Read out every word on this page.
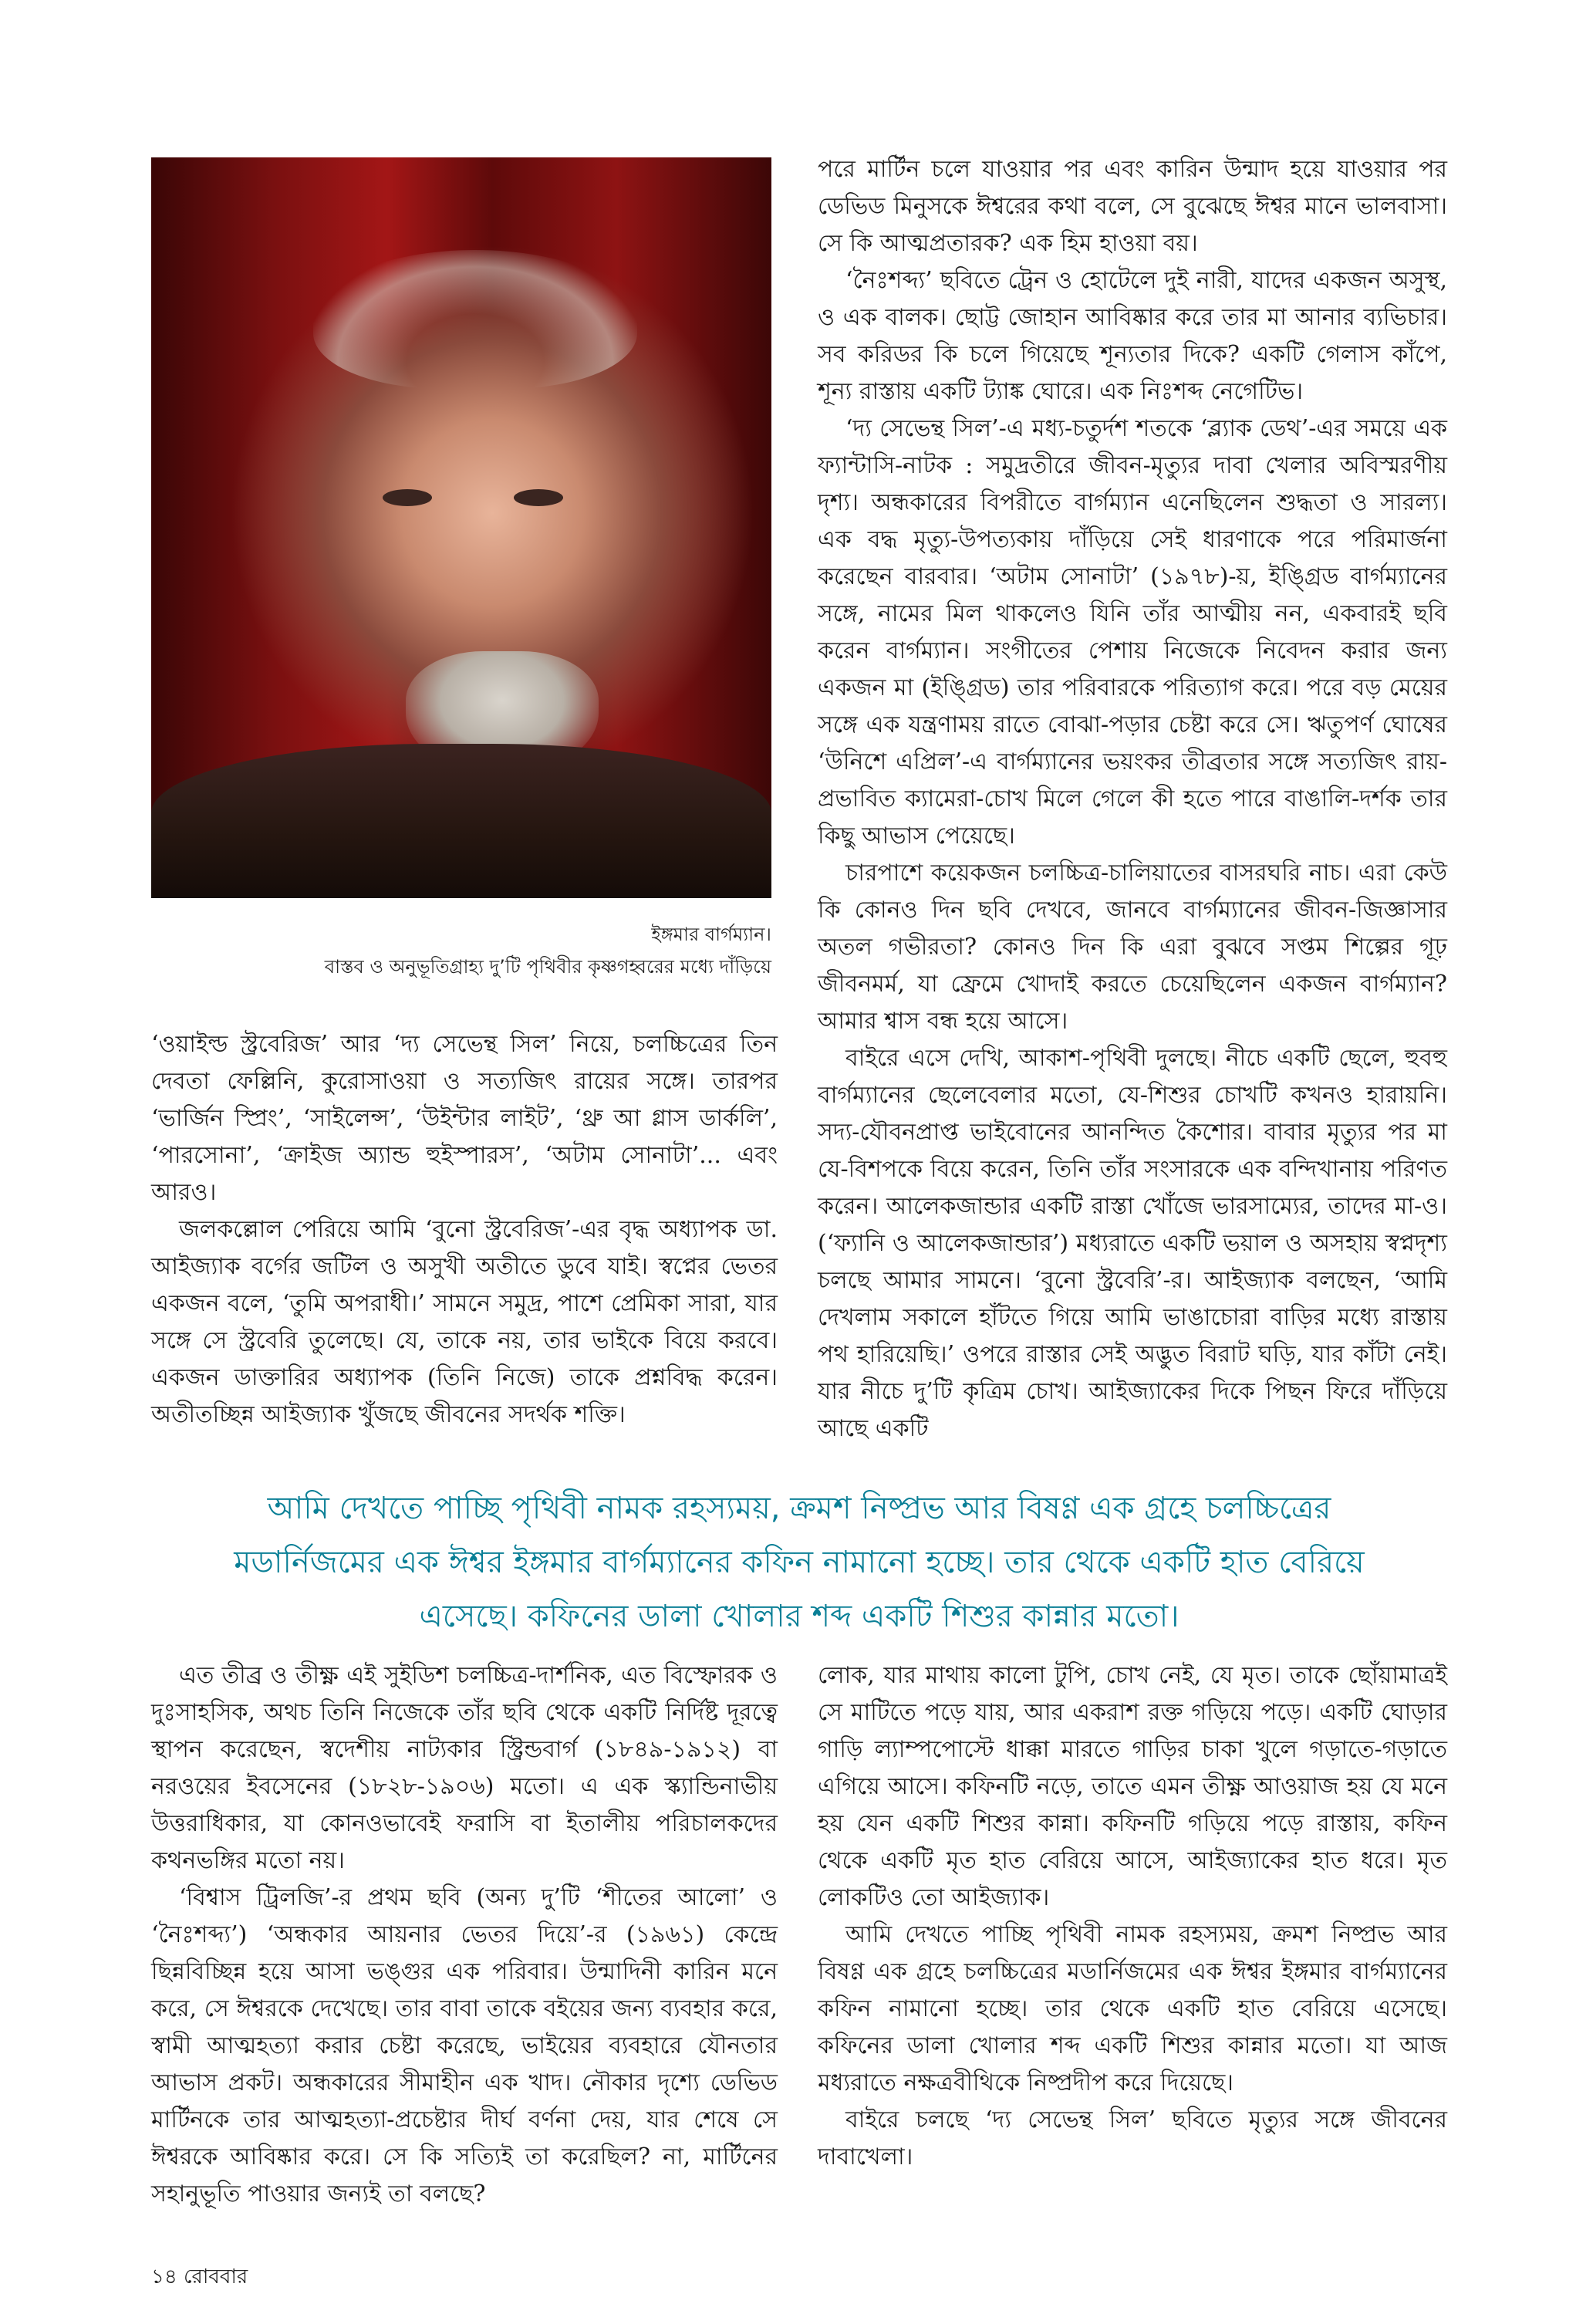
ইঙ্গমার বার্গম্যান।
বাস্তব ও অনুভূতিগ্রাহ্য দু’টি পৃথিবীর কৃষ্ণগহ্বরের মধ্যে দাঁড়িয়ে

‘ওয়াইল্ড স্ট্রবেরিজ’ আর ‘দ্য সেভেন্থ সিল’ নিয়ে, চলচ্চিত্রের তিন দেবতা ফেল্লিনি, কুরোসাওয়া ও সত্যজিৎ রায়ের সঙ্গে। তারপর ‘ভার্জিন স্প্রিং’, ‘সাইলেন্স’, ‘উইন্টার লাইট’, ‘থ্রু আ গ্লাস ডার্কলি’, ‘পারসোনা’, ‘ক্রাইজ অ্যান্ড হুইস্পারস’, ‘অটাম সোনাটা’... এবং আরও।

জলকল্লোল পেরিয়ে আমি ‘বুনো স্ট্রবেরিজ’-এর বৃদ্ধ অধ্যাপক ডা. আইজ্যাক বর্গের জটিল ও অসুখী অতীতে ডুবে যাই। স্বপ্নের ভেতর একজন বলে, ‘তুমি অপরাধী।’ সামনে সমুদ্র, পাশে প্রেমিকা সারা, যার সঙ্গে সে স্ট্রবেরি তুলেছে। যে, তাকে নয়, তার ভাইকে বিয়ে করবে। একজন ডাক্তারির অধ্যাপক (তিনি নিজে) তাকে প্রশ্নবিদ্ধ করেন। অতীতচ্ছিন্ন আইজ্যাক খুঁজছে জীবনের সদর্থক শক্তি।

পরে মার্টিন চলে যাওয়ার পর এবং কারিন উন্মাদ হয়ে যাওয়ার পর ডেভিড মিনুসকে ঈশ্বরের কথা বলে, সে বুঝেছে ঈশ্বর মানে ভালবাসা। সে কি আত্মপ্রতারক? এক হিম হাওয়া বয়।

‘নৈঃশব্দ্য’ ছবিতে ট্রেন ও হোটেলে দুই নারী, যাদের একজন অসুস্থ, ও এক বালক। ছোট্ট জোহান আবিষ্কার করে তার মা আনার ব্যভিচার। সব করিডর কি চলে গিয়েছে শূন্যতার দিকে? একটি গেলাস কাঁপে, শূন্য রাস্তায় একটি ট্যাঙ্ক ঘোরে। এক নিঃশব্দ নেগেটিভ।

‘দ্য সেভেন্থ সিল’-এ মধ্য-চতুর্দশ শতকে ‘ব্ল্যাক ডেথ’-এর সময়ে এক ফ্যান্টাসি-নাটক : সমুদ্রতীরে জীবন-মৃত্যুর দাবা খেলার অবিস্মরণীয় দৃশ্য। অন্ধকারের বিপরীতে বার্গম্যান এনেছিলেন শুদ্ধতা ও সারল্য। এক বদ্ধ মৃত্যু-উপত্যকায় দাঁড়িয়ে সেই ধারণাকে পরে পরিমার্জনা করেছেন বারবার। ‘অটাম সোনাটা’ (১৯৭৮)-য়, ইঙ্গ্রিড বার্গম্যানের সঙ্গে, নামের মিল থাকলেও যিনি তাঁর আত্মীয় নন, একবারই ছবি করেন বার্গম্যান। সংগীতের পেশায় নিজেকে নিবেদন করার জন্য একজন মা (ইঙ্গ্রিড) তার পরিবারকে পরিত্যাগ করে। পরে বড় মেয়ের সঙ্গে এক যন্ত্রণাময় রাতে বোঝা-পড়ার চেষ্টা করে সে। ঋতুপর্ণ ঘোষের ‘উনিশে এপ্রিল’-এ বার্গম্যানের ভয়ংকর তীব্রতার সঙ্গে সত্যজিৎ রায়-প্রভাবিত ক্যামেরা-চোখ মিলে গেলে কী হতে পারে বাঙালি-দর্শক তার কিছু আভাস পেয়েছে।

চারপাশে কয়েকজন চলচ্চিত্র-চালিয়াতের বাসরঘরি নাচ। এরা কেউ কি কোনও দিন ছবি দেখবে, জানবে বার্গম্যানের জীবন-জিজ্ঞাসার অতল গভীরতা? কোনও দিন কি এরা বুঝবে সপ্তম শিল্পের গূঢ় জীবনমর্ম, যা ফ্রেমে খোদাই করতে চেয়েছিলেন একজন বার্গম্যান? আমার শ্বাস বন্ধ হয়ে আসে।

বাইরে এসে দেখি, আকাশ-পৃথিবী দুলছে। নীচে একটি ছেলে, হুবহু বার্গম্যানের ছেলেবেলার মতো, যে-শিশুর চোখটি কখনও হারায়নি। সদ্য-যৌবনপ্রাপ্ত ভাইবোনের আনন্দিত কৈশোর। বাবার মৃত্যুর পর মা যে-বিশপকে বিয়ে করেন, তিনি তাঁর সংসারকে এক বন্দিখানায় পরিণত করেন। আলেকজান্ডার একটি রাস্তা খোঁজে ভারসাম্যের, তাদের মা-ও। (‘ফ্যানি ও আলেকজান্ডার’) মধ্যরাতে একটি ভয়াল ও অসহায় স্বপ্নদৃশ্য চলছে আমার সামনে। ‘বুনো স্ট্রবেরি’-র। আইজ্যাক বলছেন, ‘আমি দেখলাম সকালে হাঁটতে গিয়ে আমি ভাঙাচোরা বাড়ির মধ্যে রাস্তায় পথ হারিয়েছি।’ ওপরে রাস্তার সেই অদ্ভুত বিরাট ঘড়ি, যার কাঁটা নেই। যার নীচে দু’টি কৃত্রিম চোখ। আইজ্যাকের দিকে পিছন ফিরে দাঁড়িয়ে আছে একটি

আমি দেখতে পাচ্ছি পৃথিবী নামক রহস্যময়, ক্রমশ নিষ্প্রভ আর বিষণ্ণ এক গ্রহে চলচ্চিত্রের
মডার্নিজমের এক ঈশ্বর ইঙ্গমার বার্গম্যানের কফিন নামানো হচ্ছে। তার থেকে একটি হাত বেরিয়ে
এসেছে। কফিনের ডালা খোলার শব্দ একটি শিশুর কান্নার মতো।

এত তীব্র ও তীক্ষ্ণ এই সুইডিশ চলচ্চিত্র-দার্শনিক, এত বিস্ফোরক ও দুঃসাহসিক, অথচ তিনি নিজেকে তাঁর ছবি থেকে একটি নির্দিষ্ট দূরত্বে স্থাপন করেছেন, স্বদেশীয় নাট্যকার স্ট্রিন্ডবার্গ (১৮৪৯-১৯১২) বা নরওয়ের ইবসেনের (১৮২৮-১৯০৬) মতো। এ এক স্ক্যান্ডিনাভীয় উত্তরাধিকার, যা কোনওভাবেই ফরাসি বা ইতালীয় পরিচালকদের কথনভঙ্গির মতো নয়।

‘বিশ্বাস ট্রিলজি’-র প্রথম ছবি (অন্য দু’টি ‘শীতের আলো’ ও ‘নৈঃশব্দ্য’) ‘অন্ধকার আয়নার ভেতর দিয়ে’-র (১৯৬১) কেন্দ্রে ছিন্নবিচ্ছিন্ন হয়ে আসা ভঙ্গুর এক পরিবার। উন্মাদিনী কারিন মনে করে, সে ঈশ্বরকে দেখেছে। তার বাবা তাকে বইয়ের জন্য ব্যবহার করে, স্বামী আত্মহত্যা করার চেষ্টা করেছে, ভাইয়ের ব্যবহারে যৌনতার আভাস প্রকট। অন্ধকারের সীমাহীন এক খাদ। নৌকার দৃশ্যে ডেভিড মার্টিনকে তার আত্মহত্যা-প্রচেষ্টার দীর্ঘ বর্ণনা দেয়, যার শেষে সে ঈশ্বরকে আবিষ্কার করে। সে কি সত্যিই তা করেছিল? না, মার্টিনের সহানুভূতি পাওয়ার জন্যই তা বলছে?

লোক, যার মাথায় কালো টুপি, চোখ নেই, যে মৃত। তাকে ছোঁয়ামাত্রই সে মাটিতে পড়ে যায়, আর একরাশ রক্ত গড়িয়ে পড়ে। একটি ঘোড়ার গাড়ি ল্যাম্পপোস্টে ধাক্কা মারতে গাড়ির চাকা খুলে গড়াতে-গড়াতে এগিয়ে আসে। কফিনটি নড়ে, তাতে এমন তীক্ষ্ণ আওয়াজ হয় যে মনে হয় যেন একটি শিশুর কান্না। কফিনটি গড়িয়ে পড়ে রাস্তায়, কফিন থেকে একটি মৃত হাত বেরিয়ে আসে, আইজ্যাকের হাত ধরে। মৃত লোকটিও তো আইজ্যাক।

আমি দেখতে পাচ্ছি পৃথিবী নামক রহস্যময়, ক্রমশ নিষ্প্রভ আর বিষণ্ণ এক গ্রহে চলচ্চিত্রের মডার্নিজমের এক ঈশ্বর ইঙ্গমার বার্গম্যানের কফিন নামানো হচ্ছে। তার থেকে একটি হাত বেরিয়ে এসেছে। কফিনের ডালা খোলার শব্দ একটি শিশুর কান্নার মতো। যা আজ মধ্যরাতে নক্ষত্রবীথিকে নিষ্প্রদীপ করে দিয়েছে।

বাইরে চলছে ‘দ্য সেভেন্থ সিল’ ছবিতে মৃত্যুর সঙ্গে জীবনের দাবাখেলা।

১৪ রোববার
